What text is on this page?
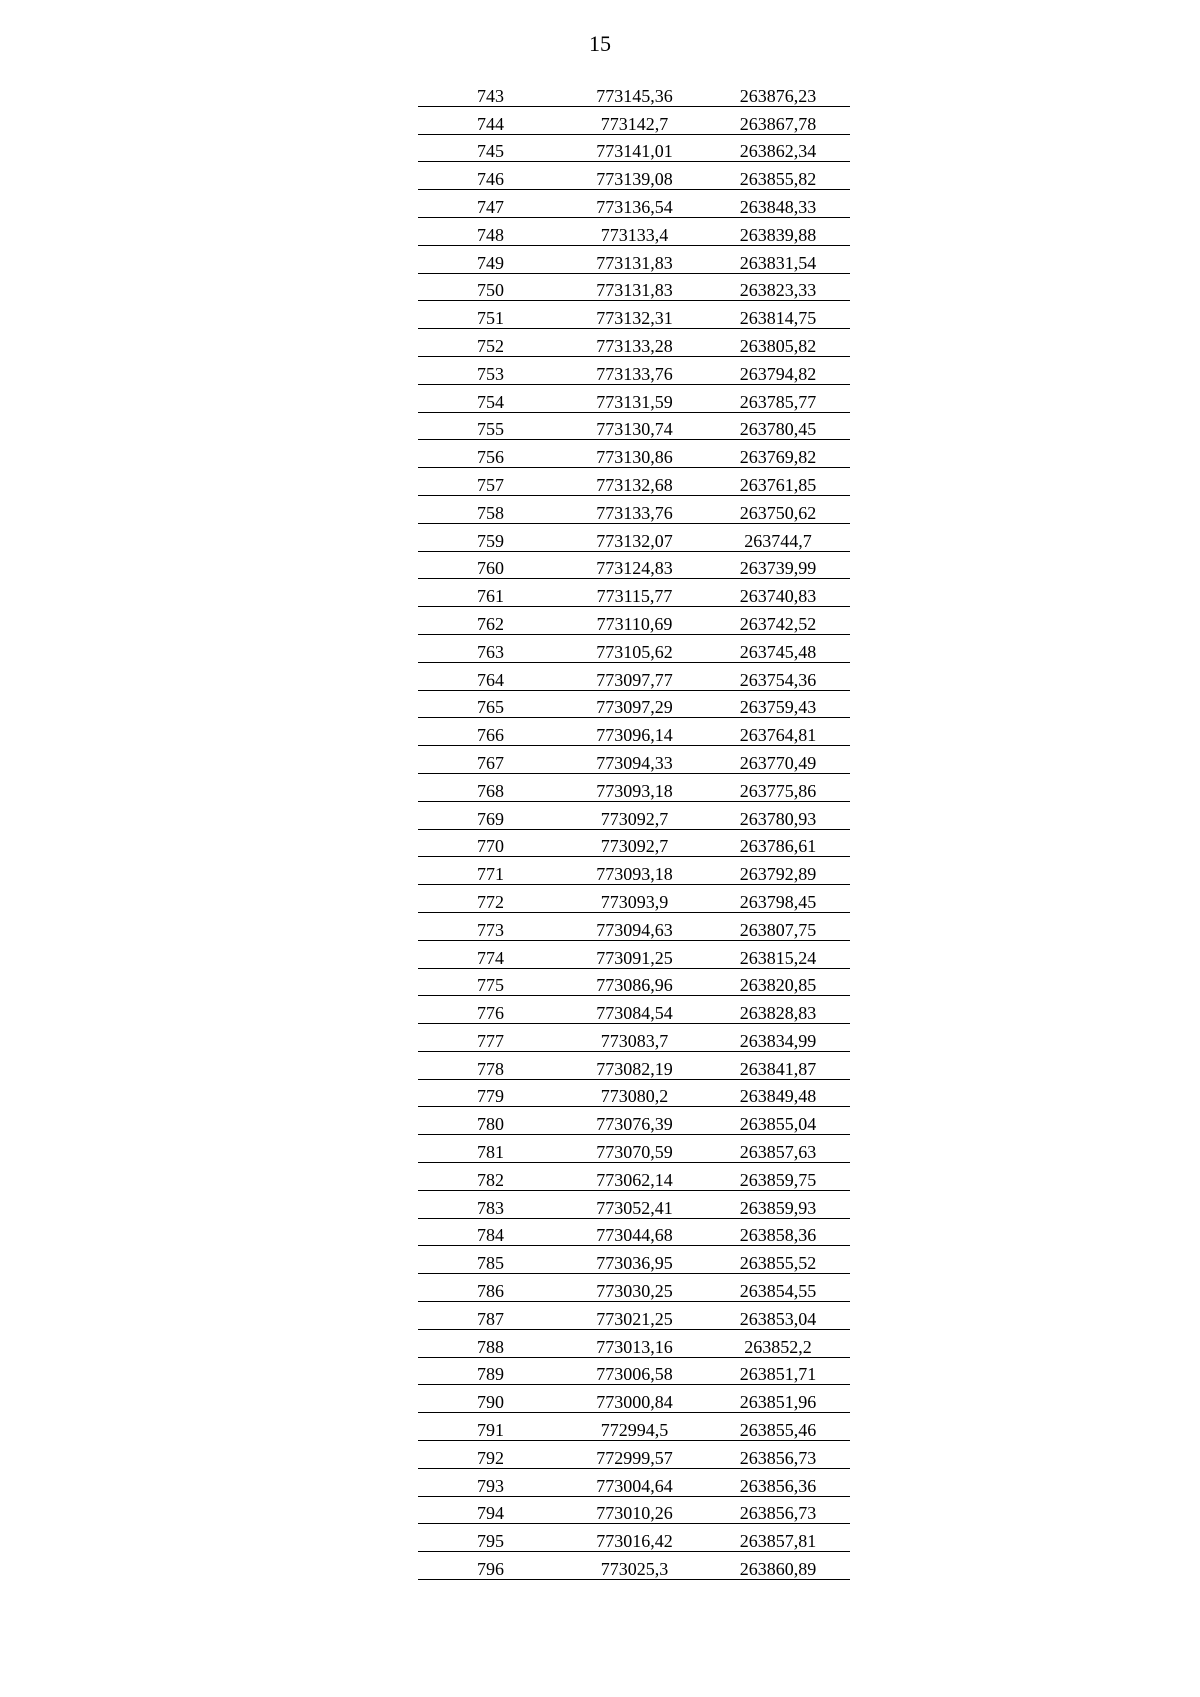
15
743	773145,36	263876,23
744	773142,7	263867,78
745	773141,01	263862,34
746	773139,08	263855,82
747	773136,54	263848,33
748	773133,4	263839,88
749	773131,83	263831,54
750	773131,83	263823,33
751	773132,31	263814,75
752	773133,28	263805,82
753	773133,76	263794,82
754	773131,59	263785,77
755	773130,74	263780,45
756	773130,86	263769,82
757	773132,68	263761,85
758	773133,76	263750,62
759	773132,07	263744,7
760	773124,83	263739,99
761	773115,77	263740,83
762	773110,69	263742,52
763	773105,62	263745,48
764	773097,77	263754,36
765	773097,29	263759,43
766	773096,14	263764,81
767	773094,33	263770,49
768	773093,18	263775,86
769	773092,7	263780,93
770	773092,7	263786,61
771	773093,18	263792,89
772	773093,9	263798,45
773	773094,63	263807,75
774	773091,25	263815,24
775	773086,96	263820,85
776	773084,54	263828,83
777	773083,7	263834,99
778	773082,19	263841,87
779	773080,2	263849,48
780	773076,39	263855,04
781	773070,59	263857,63
782	773062,14	263859,75
783	773052,41	263859,93
784	773044,68	263858,36
785	773036,95	263855,52
786	773030,25	263854,55
787	773021,25	263853,04
788	773013,16	263852,2
789	773006,58	263851,71
790	773000,84	263851,96
791	772994,5	263855,46
792	772999,57	263856,73
793	773004,64	263856,36
794	773010,26	263856,73
795	773016,42	263857,81
796	773025,3	263860,89
